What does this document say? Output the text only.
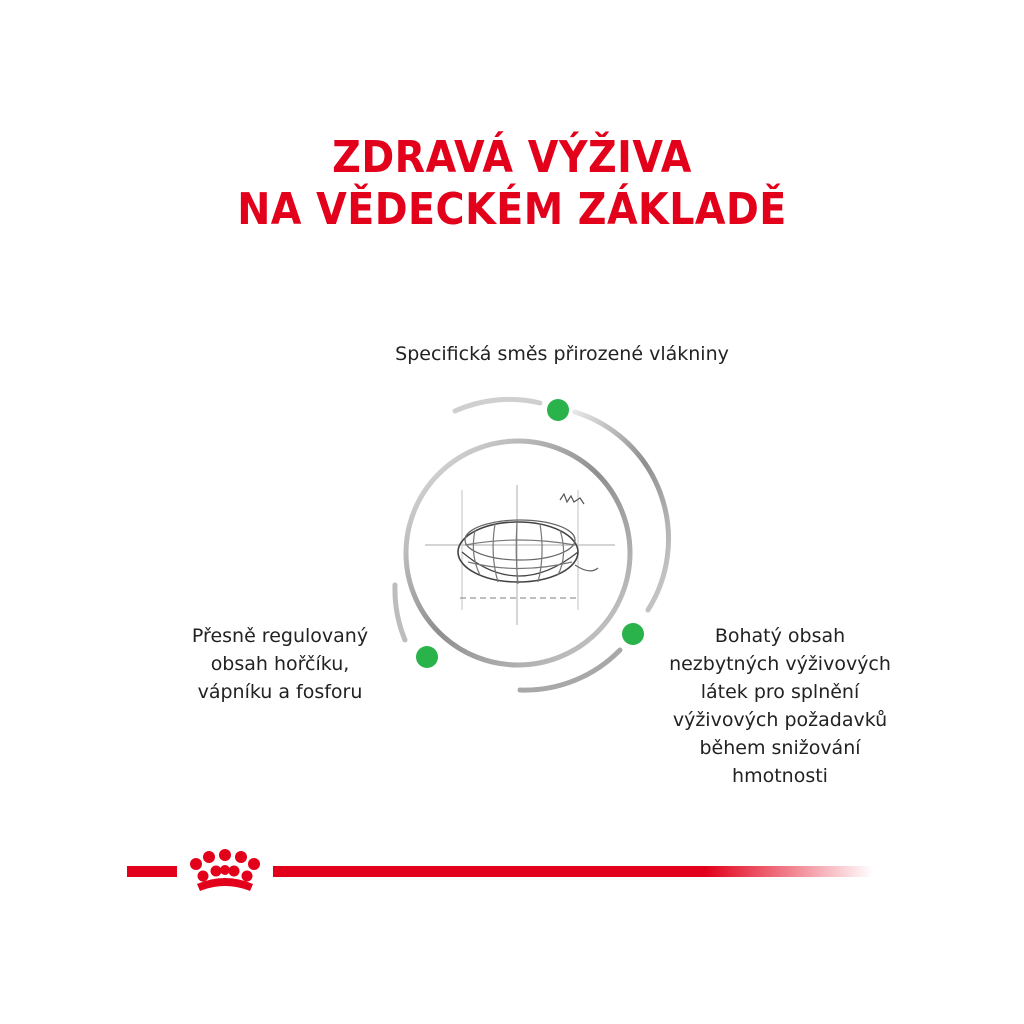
ZDRAVÁ VÝŽIVA
NA VĚDECKÉM ZÁKLADĚ
Specifická směs přirozené vlákniny
Přesně regulovaný
obsah hořčíku,
vápníku a fosforu
Bohatý obsah
nezbytných výživových
látek pro splnění
výživových požadavků
během snižování
hmotnosti
